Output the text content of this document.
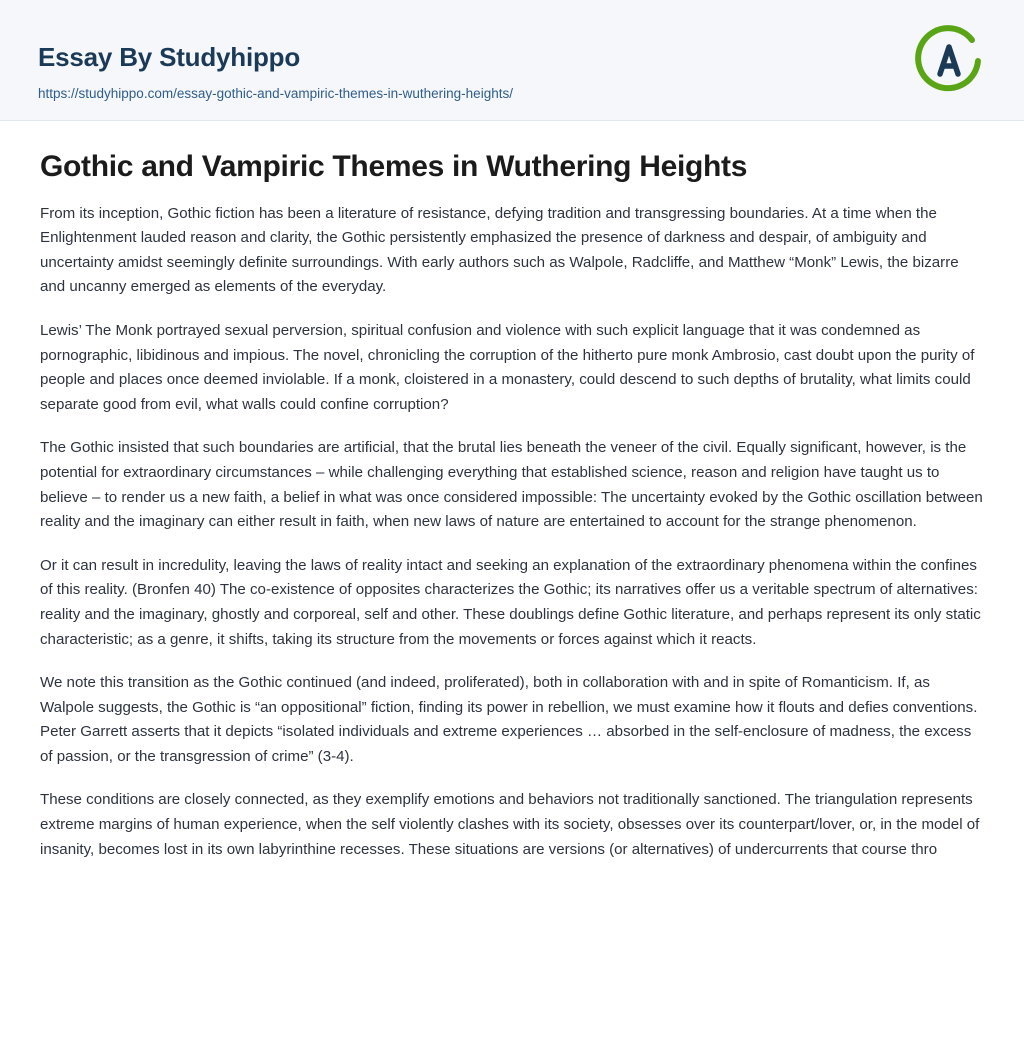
Essay By Studyhippo
https://studyhippo.com/essay-gothic-and-vampiric-themes-in-wuthering-heights/
Gothic and Vampiric Themes in Wuthering Heights

From its inception, Gothic fiction has been a literature of resistance, defying tradition and transgressing boundaries. At a time when the Enlightenment lauded reason and clarity, the Gothic persistently emphasized the presence of darkness and despair, of ambiguity and uncertainty amidst seemingly definite surroundings. With early authors such as Walpole, Radcliffe, and Matthew “Monk” Lewis, the bizarre and uncanny emerged as elements of the everyday.

Lewis’ The Monk portrayed sexual perversion, spiritual confusion and violence with such explicit language that it was condemned as pornographic, libidinous and impious. The novel, chronicling the corruption of the hitherto pure monk Ambrosio, cast doubt upon the purity of people and places once deemed inviolable. If a monk, cloistered in a monastery, could descend to such depths of brutality, what limits could separate good from evil, what walls could confine corruption?

The Gothic insisted that such boundaries are artificial, that the brutal lies beneath the veneer of the civil. Equally significant, however, is the potential for extraordinary circumstances – while challenging everything that established science, reason and religion have taught us to believe – to render us a new faith, a belief in what was once considered impossible: The uncertainty evoked by the Gothic oscillation between reality and the imaginary can either result in faith, when new laws of nature are entertained to account for the strange phenomenon.

Or it can result in incredulity, leaving the laws of reality intact and seeking an explanation of the extraordinary phenomena within the confines of this reality. (Bronfen 40) The co-existence of opposites characterizes the Gothic; its narratives offer us a veritable spectrum of alternatives: reality and the imaginary, ghostly and corporeal, self and other. These doublings define Gothic literature, and perhaps represent its only static characteristic; as a genre, it shifts, taking its structure from the movements or forces against which it reacts.

We note this transition as the Gothic continued (and indeed, proliferated), both in collaboration with and in spite of Romanticism. If, as Walpole suggests, the Gothic is “an oppositional” fiction, finding its power in rebellion, we must examine how it flouts and defies conventions. Peter Garrett asserts that it depicts “isolated individuals and extreme experiences … absorbed in the self-enclosure of madness, the excess of passion, or the transgression of crime” (3-4).

These conditions are closely connected, as they exemplify emotions and behaviors not traditionally sanctioned. The triangulation represents extreme margins of human experience, when the self violently clashes with its society, obsesses over its counterpart/lover, or, in the model of insanity, becomes lost in its own labyrinthine recesses. These situations are versions (or alternatives) of undercurrents that course thro
